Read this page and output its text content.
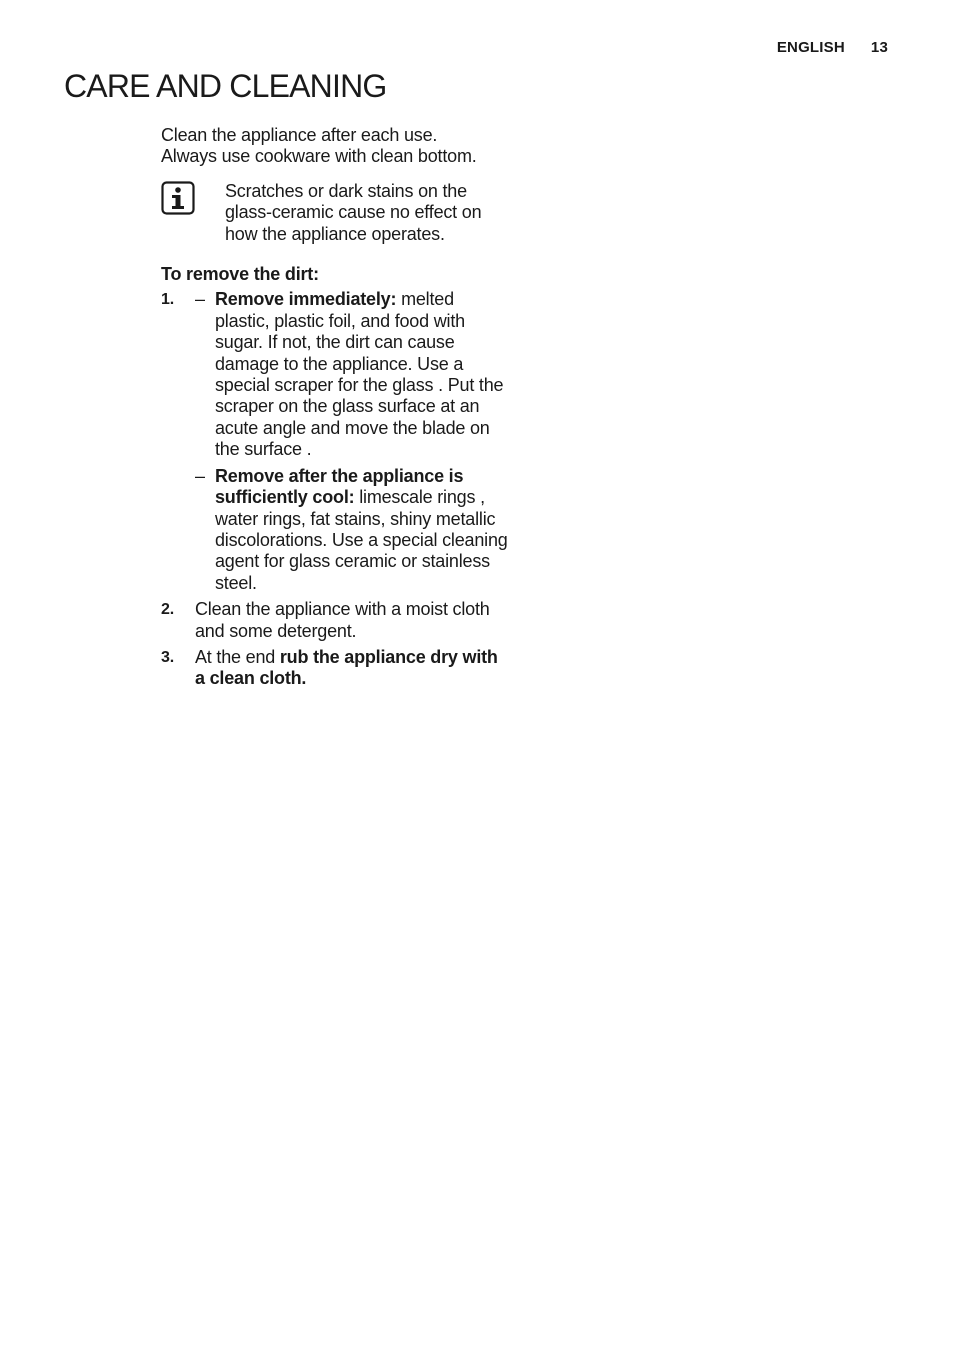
ENGLISH 13
CARE AND CLEANING

Clean the appliance after each use.

Always use cookware with clean bottom.

Scratches or dark stains on the glass-ceramic cause no effect on how the appliance operates.

To remove the dirt:
1. – Remove immediately: melted plastic, plastic foil, and food with sugar. If not, the dirt can cause damage to the appliance. Use a special scraper for the glass . Put the scraper on the glass surface at an acute angle and move the blade on the surface .
– Remove after the appliance is sufficiently cool: limescale rings , water rings, fat stains, shiny metallic discolorations. Use a special cleaning agent for glass ceramic or stainless steel.
2. Clean the appliance with a moist cloth and some detergent.
3. At the end rub the appliance dry with a clean cloth.
